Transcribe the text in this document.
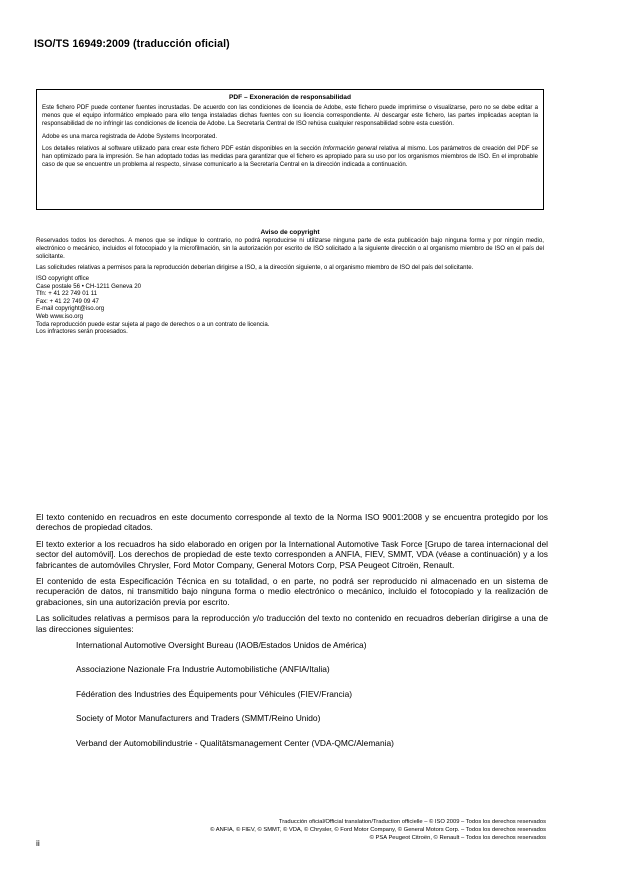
ISO/TS 16949:2009 (traducción oficial)
PDF – Exoneración de responsabilidad

Este fichero PDF puede contener fuentes incrustadas. De acuerdo con las condiciones de licencia de Adobe, este fichero puede imprimirse o visualizarse, pero no se debe editar a menos que el equipo informático empleado para ello tenga instaladas dichas fuentes con su licencia correspondiente. Al descargar este fichero, las partes implicadas aceptan la responsabilidad de no infringir las condiciones de licencia de Adobe. La Secretaría Central de ISO rehúsa cualquier responsabilidad sobre esta cuestión.

Adobe es una marca registrada de Adobe Systems Incorporated.

Los detalles relativos al software utilizado para crear este fichero PDF están disponibles en la sección Información general relativa al mismo. Los parámetros de creación del PDF se han optimizado para la impresión. Se han adoptado todas las medidas para garantizar que el fichero es apropiado para su uso por los organismos miembros de ISO. En el improbable caso de que se encuentre un problema al respecto, sírvase comunicarlo a la Secretaría Central en la dirección indicada a continuación.

Aviso de copyright

Reservados todos los derechos. A menos que se indique lo contrario, no podrá reproducirse ni utilizarse ninguna parte de esta publicación bajo ninguna forma y por ningún medio, electrónico o mecánico, incluidos el fotocopiado y la microfilmación, sin la autorización por escrito de ISO solicitado a la siguiente dirección o al organismo miembro de ISO en el país del solicitante.

Las solicitudes relativas a permisos para la reproducción deberían dirigirse a ISO, a la dirección siguiente, o al organismo miembro de ISO del país del solicitante.

ISO copyright office
Case postale 56 • CH-1211 Geneva 20
Tfn: + 41 22 749 01 11
Fax: + 41 22 749 09 47
E-mail copyright@iso.org
Web www.iso.org
Toda reproducción puede estar sujeta al pago de derechos o a un contrato de licencia.
Los infractores serán procesados.

El texto contenido en recuadros en este documento corresponde al texto de la Norma ISO 9001:2008 y se encuentra protegido por los derechos de propiedad citados.

El texto exterior a los recuadros ha sido elaborado en origen por la International Automotive Task Force [Grupo de tarea internacional del sector del automóvil]. Los derechos de propiedad de este texto corresponden a ANFIA, FIEV, SMMT, VDA (véase a continuación) y a los fabricantes de automóviles Chrysler, Ford Motor Company, General Motors Corp, PSA Peugeot Citroën, Renault.

El contenido de esta Especificación Técnica en su totalidad, o en parte, no podrá ser reproducido ni almacenado en un sistema de recuperación de datos, ni transmitido bajo ninguna forma o medio electrónico o mecánico, incluido el fotocopiado y la realización de grabaciones, sin una autorización previa por escrito.

Las solicitudes relativas a permisos para la reproducción y/o traducción del texto no contenido en recuadros deberían dirigirse a una de las direcciones siguientes:

International Automotive Oversight Bureau (IAOB/Estados Unidos de América)
Associazione Nazionale Fra Industrie Automobilistiche (ANFIA/Italia)
Fédération des Industries des Équipements pour Véhicules (FIEV/Francia)
Society of Motor Manufacturers and Traders (SMMT/Reino Unido)
Verband der Automobilindustrie - Qualitätsmanagement Center (VDA-QMC/Alemania)
Traducción oficial/Official translation/Traduction officielle – © ISO 2009 – Todos los derechos reservados
© ANFIA, © FIEV, © SMMT, © VDA, © Chrysler, © Ford Motor Company, © General Motors Corp. – Todos los derechos reservados
© PSA Peugeot Citroën, © Renault – Todos los derechos reservados
ii
